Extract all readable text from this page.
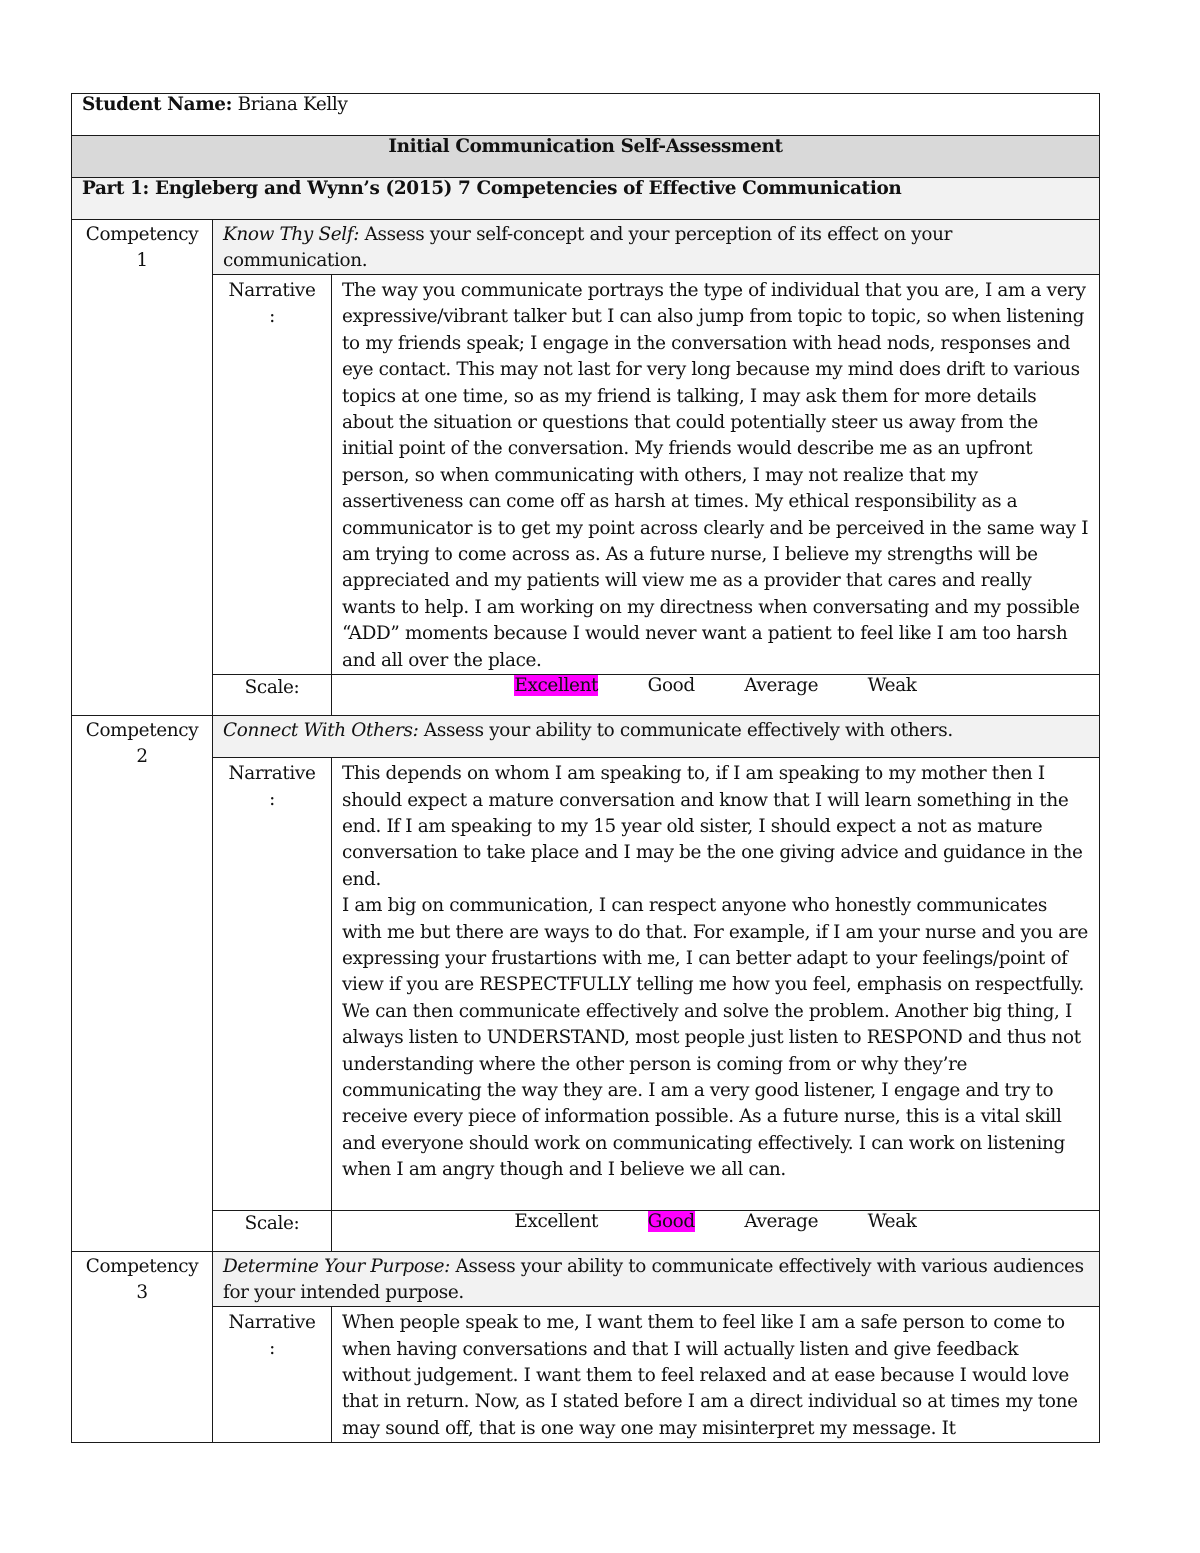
Student Name: Briana Kelly		
Initial Communication Self-Assessment		
Part 1: Engleberg and Wynn’s (2015) 7 Competencies of Effective Communication		
Competency 1	Know Thy Self: Assess your self-concept and your perception of its effect on your communication.	
	Narrative :	The way you communicate portrays the type of individual that you are, I am a very expressive/vibrant talker but I can also jump from topic to topic, so when listening to my friends speak; I engage in the conversation with head nods, responses and eye contact. This may not last for very long because my mind does drift to various topics at one time, so as my friend is talking, I may ask them for more details about the situation or questions that could potentially steer us away from the initial point of the conversation. My friends would describe me as an upfront person, so when communicating with others, I may not realize that my assertiveness can come off as harsh at times. My ethical responsibility as a communicator is to get my point across clearly and be perceived in the same way I am trying to come across as. As a future nurse, I believe my strengths will be appreciated and my patients will view me as a provider that cares and really wants to help. I am working on my directness when conversating and my possible “ADD” moments because I would never want a patient to feel like I am too harsh and all over the place.
	Scale:	Excellent Good Average Weak
Competency 2	Connect With Others: Assess your ability to communicate effectively with others.	
	Narrative :	This depends on whom I am speaking to, if I am speaking to my mother then I should expect a mature conversation and know that I will learn something in the end. If I am speaking to my 15 year old sister, I should expect a not as mature conversation to take place and I may be the one giving advice and guidance in the end.
I am big on communication, I can respect anyone who honestly communicates with me but there are ways to do that. For example, if I am your nurse and you are expressing your frustartions with me, I can better adapt to your feelings/point of view if you are RESPECTFULLY telling me how you feel, emphasis on respectfully. We can then communicate effectively and solve the problem. Another big thing, I always listen to UNDERSTAND, most people just listen to RESPOND and thus not understanding where the other person is coming from or why they’re communicating the way they are. I am a very good listener, I engage and try to receive every piece of information possible. As a future nurse, this is a vital skill and everyone should work on communicating effectively. I can work on listening when I am angry though and I believe we all can.

	Scale:	Excellent Good Average Weak
Competency 3	Determine Your Purpose: Assess your ability to communicate effectively with various audiences for your intended purpose.	
	Narrative :	When people speak to me, I want them to feel like I am a safe person to come to when having conversations and that I will actually listen and give feedback without judgement. I want them to feel relaxed and at ease because I would love that in return. Now, as I stated before I am a direct individual so at times my tone may sound off, that is one way one may misinterpret my message. It
